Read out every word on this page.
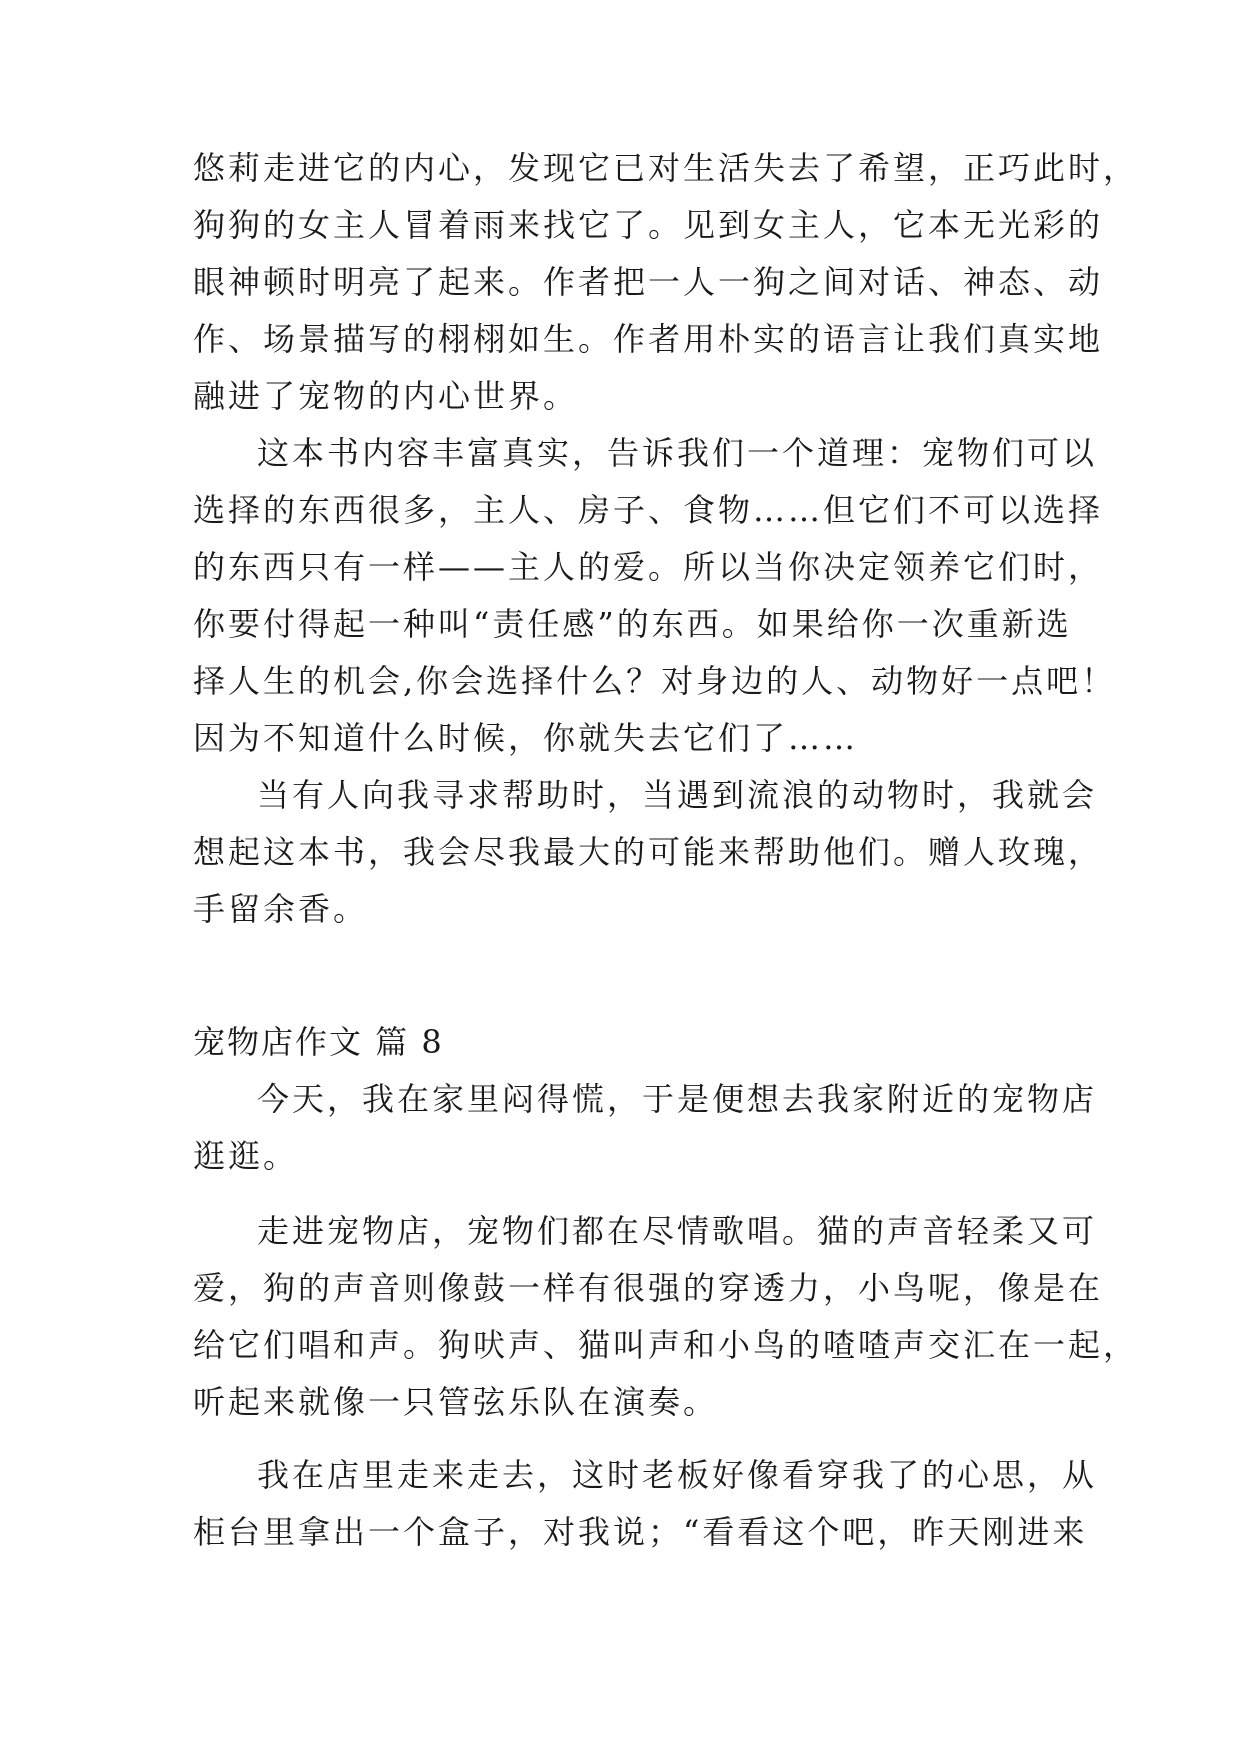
悠莉走进它的内心，发现它已对生活失去了希望，正巧此时，
狗狗的女主人冒着雨来找它了。见到女主人，它本无光彩的
眼神顿时明亮了起来。作者把一人一狗之间对话、神态、动
作、场景描写的栩栩如生。作者用朴实的语言让我们真实地
融进了宠物的内心世界。
这本书内容丰富真实，告诉我们一个道理：宠物们可以
选择的东西很多，主人、房子、食物……但它们不可以选择
的东西只有一样——主人的爱。所以当你决定领养它们时，
你要付得起一种叫“责任感”的东西。如果给你一次重新选
择人生的机会,你会选择什么？对身边的人、动物好一点吧！
因为不知道什么时候，你就失去它们了……
当有人向我寻求帮助时，当遇到流浪的动物时，我就会
想起这本书，我会尽我最大的可能来帮助他们。赠人玫瑰，
手留余香。
宠物店作文 篇 8
今天，我在家里闷得慌，于是便想去我家附近的宠物店
逛逛。
走进宠物店，宠物们都在尽情歌唱。猫的声音轻柔又可
爱，狗的声音则像鼓一样有很强的穿透力，小鸟呢，像是在
给它们唱和声。狗吠声、猫叫声和小鸟的喳喳声交汇在一起，
听起来就像一只管弦乐队在演奏。
我在店里走来走去，这时老板好像看穿我了的心思，从
柜台里拿出一个盒子，对我说；“看看这个吧，昨天刚进来
